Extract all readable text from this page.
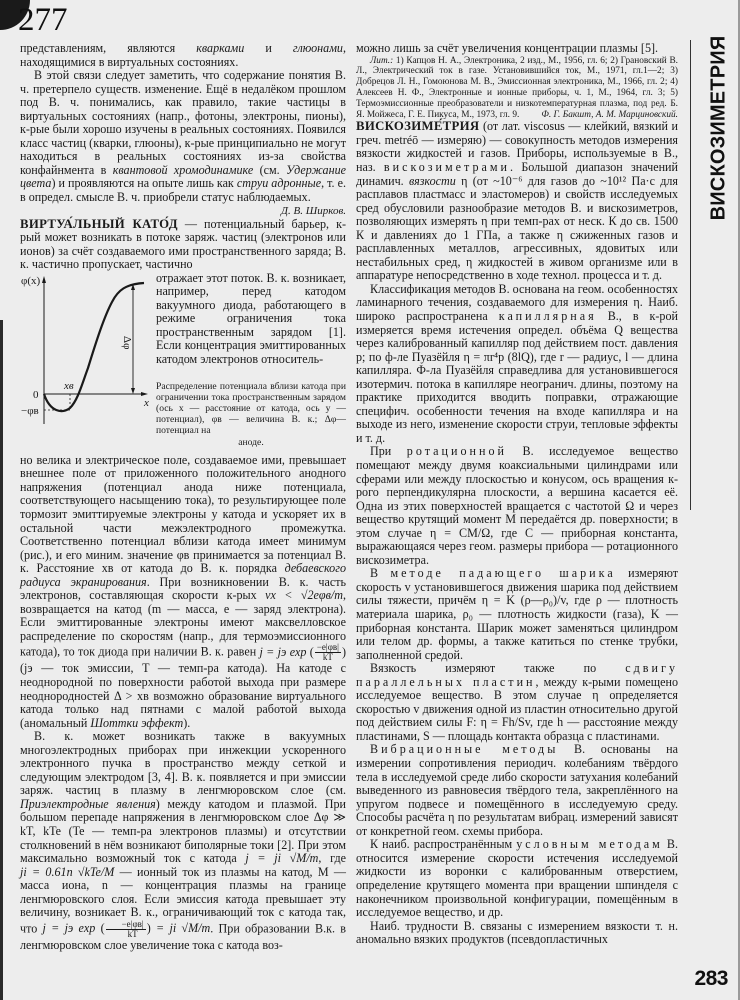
277
ВИСКОЗИМЕТРИЯ
283

представлениям, являются кварками и глюонами, находящимися в виртуальных состояниях.

В этой связи следует заметить, что содержание понятия В. ч. претерпело существ. изменение. Ещё в недалёком прошлом под В. ч. понимались, как правило, такие частицы в виртуальных состояниях (напр., фотоны, электроны, пионы), к-рые были хорошо изучены в реальных состояниях. Появился класс частиц (кварки, глюоны), к-рые принципиально не могут находиться в реальных состояниях из-за свойства конфайнмента в квантовой хромодинамике (см. Удержание цвета) и проявляются на опыте лишь как струи адронные, т. е. в определ. смысле В. ч. приобрели статус наблюдаемых.

Д. В. Ширков.

ВИРТУА́ЛЬНЫЙ КАТО́Д — потенциальный барьер, к-рый может возникать в потоке заряж. частиц (электронов или ионов) за счёт создаваемого ими пространственного заряда; В. к. частично пропускает, частично

φ(x)
x
0
−φв
xв
Δφ

отражает этот поток. В. к. возникает, например, перед катодом вакуумного диода, работающего в режиме ограничения тока пространственным зарядом [1]. Если концентрация эмиттированных катодом электронов относитель-

Распределение потенциала вблизи катода при ограничении тока пространственным зарядом (ось x — расстояние от катода, ось y — потенциал), φв — величина В. к.; Δφ—потенциал на
аноде.

но велика и электрическое поле, создаваемое ими, превышает внешнее поле от приложенного положительного анодного напряжения (потенциал анода ниже потенциала, соответствующего насыщению тока), то результирующее поле тормозит эмиттируемые электроны у катода и ускоряет их в остальной части межэлектродного промежутка. Соответственно потенциал вблизи катода имеет минимум (рис.), и его миним. значение φв принимается за потенциал В. к. Расстояние xв от катода до В. к. порядка дебаевского радиуса экранирования. При возникновении В. к. часть электронов, составляющая скорости к-рых vx < √2eφв/m, возвращается на катод (m — масса, e — заряд электрона). Если эмиттированные электроны имеют максвелловское распределение по скоростям (напр., для термоэмиссионного катода), то ток диода при наличии В. к. равен j = jэ exp ( $\frac{-e|\varphi в|}{kT}$ ) (jэ — ток эмиссии, T — темп-ра катода). На катоде с неоднородной по поверхности работой выхода при размере неоднородностей Δ > xв возможно образование виртуального катода только над пятнами с малой работой выхода (аномальный Шоттки эффект).

В. к. может возникать также в вакуумных многоэлектродных приборах при инжекции ускоренного электронного пучка в пространство между сеткой и следующим электродом [3, 4]. В. к. появляется и при эмиссии заряж. частиц в плазму в ленгмюровском слое (см. Приэлектродные явления) между катодом и плазмой. При большом перепаде напряжения в ленгмюровском слое Δφ ≫ kT, kTe (Te — темп-ра электронов плазмы) и отсутствии столкновений в нём возникают биполярные токи [2]. При этом максимально возможный ток с катода j = ji √M/m, где ji = 0.61n √kTe/M — ионный ток из плазмы на катод, M — масса иона, n — концентрация плазмы на границе ленгмюровского слоя. Если эмиссия катода превышает эту величину, возникает В. к., ограничивающий ток с катода так, что j = jэ exp ( $\frac{-e|\varphi в|}{kT}$ ) = ji √M/m. При образовании В.к. в ленгмюровском слое увеличение тока с катода воз-

можно лишь за счёт увеличения концентрации плазмы [5].

Лит.: 1) Капцов Н. А., Электроника, 2 изд., М., 1956, гл. 6; 2) Грановский В. Л., Электрический ток в газе. Установившийся ток, М., 1971, гл.1—2; 3) Добрецов Л. Н., Гомоюнова М. В., Эмиссионная электроника, М., 1966, гл. 2; 4) Алексеев Н. Ф., Электронные и ионные приборы, ч. 1, М., 1964, гл. 3; 5) Термоэмиссионные преобразователи и низкотемпературная плазма, под ред. Б. Я. Мойжеса, Г. Е. Пикуса, М., 1973, гл. 9.	Ф. Г. Бакшт, А. М. Марциновский.

ВИСКОЗИМЕ́ТРИЯ (от лат. viscosus — клейкий, вязкий и греч. metréō — измеряю) — совокупность методов измерения вязкости жидкостей и газов. Приборы, используемые в В., наз. вискозиметрами. Большой диапазон значений динамич. вязкости η (от ~10⁻⁶ для газов до ~10¹² Па·с для расплавов пластмасс и эластомеров) и свойств исследуемых сред обусловили разнообразие методов В. и вискозиметров, позволяющих измерять η при темп-рах от неск. К до св. 1500 К и давлениях до 1 ГПа, а также η сжиженных газов и расплавленных металлов, агрессивных, ядовитых или нестабильных сред, η жидкостей в живом организме или в аппаратуре непосредственно в ходе технол. процесса и т. д.

Классификация методов В. основана на геом. особенностях ламинарного течения, создаваемого для измерения η. Наиб. широко распространена капиллярная В., в к-рой измеряется время истечения определ. объёма Q вещества через калиброванный капилляр под действием пост. давления p; по ф-ле Пуазёйля η = πr⁴p (8lQ), где r — радиус, l — длина капилляра. Ф-ла Пуазёйля справедлива для установившегося изотермич. потока в капилляре неогранич. длины, поэтому на практике приходится вводить поправки, отражающие специфич. особенности течения на входе капилляра и на выходе из него, изменение скорости струи, тепловые эффекты и т. д.

При ротационной В. исследуемое вещество помещают между двумя коаксиальными цилиндрами или сферами или между плоскостью и конусом, ось вращения к-рого перпендикулярна плоскости, а вершина касается её. Одна из этих поверхностей вращается с частотой Ω и через вещество крутящий момент M передаётся др. поверхности; в этом случае η = CM/Ω, где C — приборная константа, выражающаяся через геом. размеры прибора — ротационного вискозиметра.

В методе падающего шарика измеряют скорость v установившегося движения шарика под действием силы тяжести, причём η = K (ρ—ρ₀)/v, где ρ — плотность материала шарика, ρ₀ — плотность жидкости (газа), K — приборная константа. Шарик может заменяться цилиндром или телом др. формы, а также катиться по стенке трубки, заполненной средой.

Вязкость измеряют также по сдвигу параллельных пластин, между к-рыми помещено исследуемое вещество. В этом случае η определяется скоростью v движения одной из пластин относительно другой под действием силы F: η = Fh/Sv, где h — расстояние между пластинами, S — площадь контакта образца с пластинами.

Вибрационные методы В. основаны на измерении сопротивления периодич. колебаниям твёрдого тела в исследуемой среде либо скорости затухания колебаний выведенного из равновесия твёрдого тела, закреплённого на упругом подвесе и помещённого в исследуемую среду. Способы расчёта η по результатам вибрац. измерений зависят от конкретной геом. схемы прибора.

К наиб. распространённым условным методам В. относится измерение скорости истечения исследуемой жидкости из воронки с калиброванным отверстием, определение крутящего момента при вращении шпинделя с наконечником произвольной конфигурации, помещённым в исследуемое вещество, и др.

Наиб. трудности В. связаны с измерением вязкости т. н. аномально вязких продуктов (псевдопластичных
